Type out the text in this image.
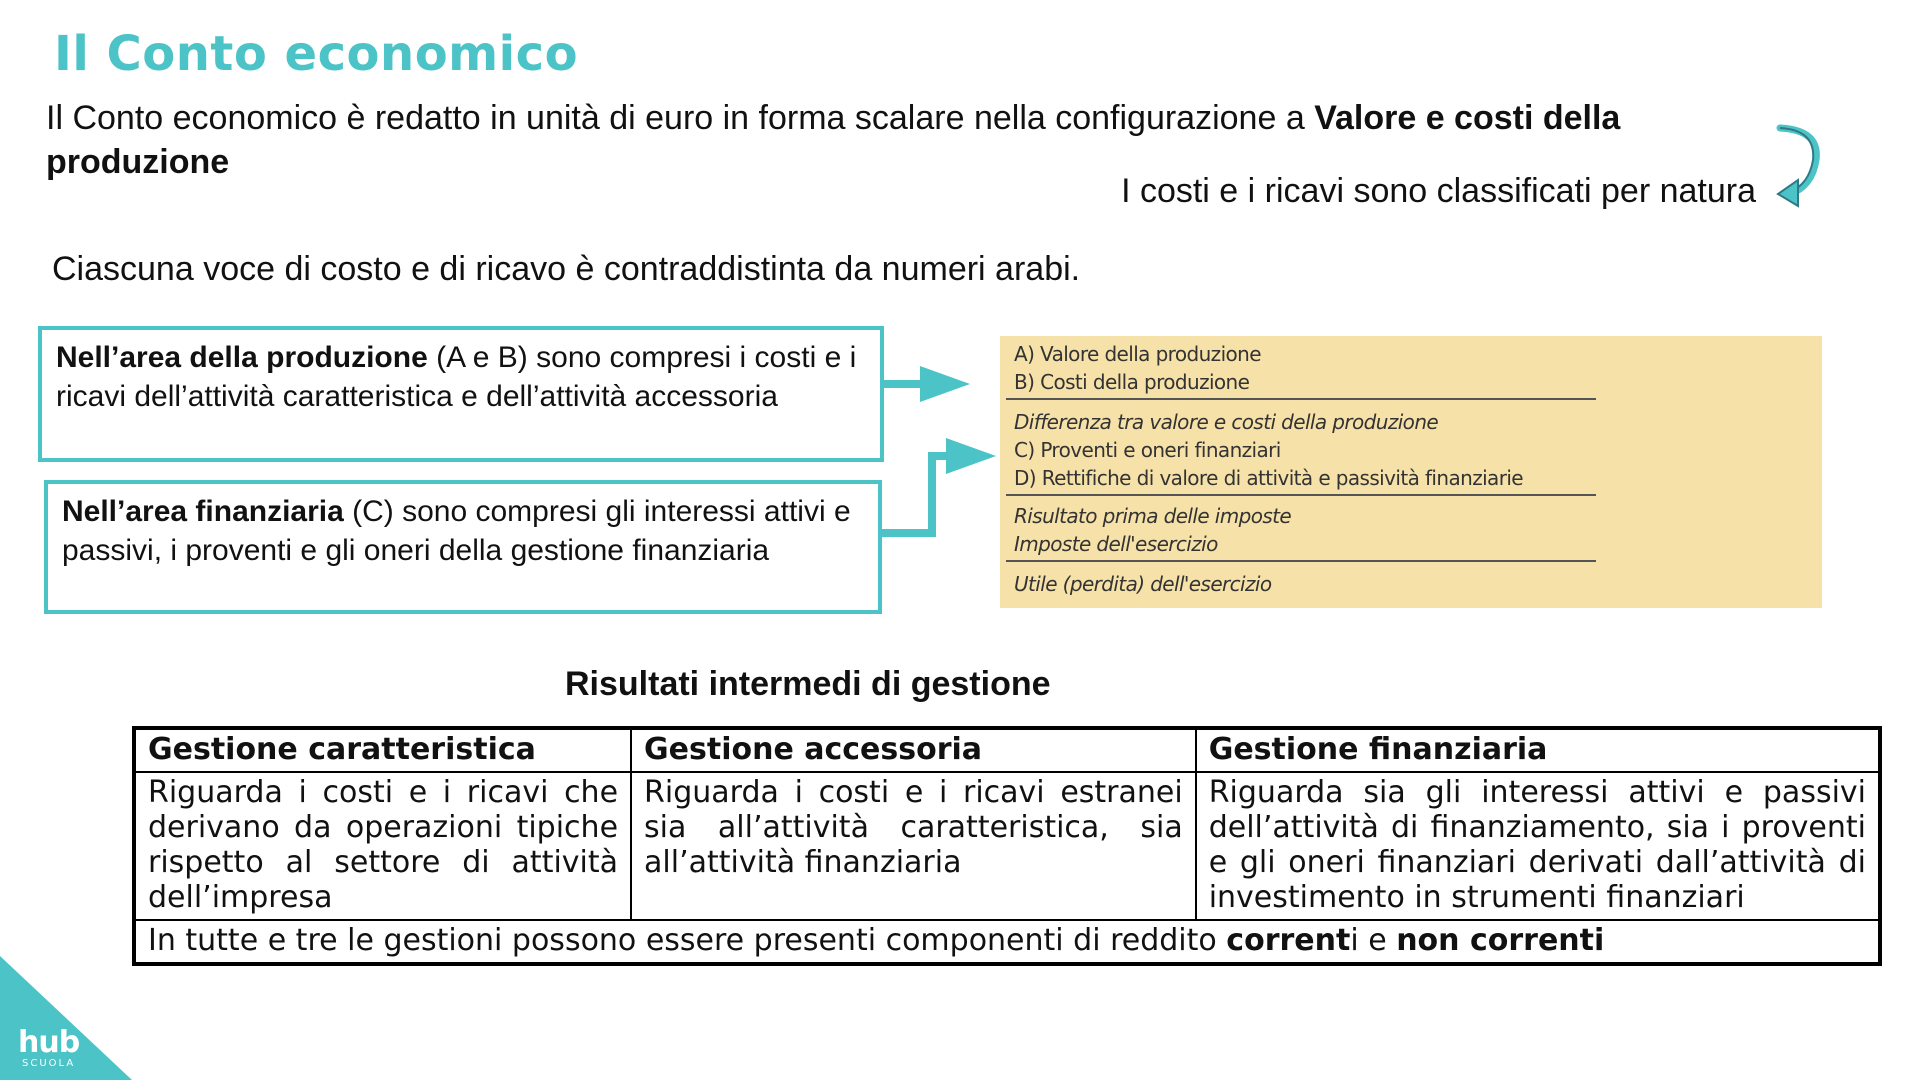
Il Conto economico
Il Conto economico è redatto in unità di euro in forma scalare nella configurazione a Valore e costi della produzione
I costi e i ricavi sono classificati per natura
Ciascuna voce di costo e di ricavo è contraddistinta da numeri arabi.
Nell’area della produzione (A e B) sono compresi i costi e i ricavi dell’attività caratteristica e dell’attività accessoria
Nell’area finanziaria (C) sono compresi gli interessi attivi e passivi, i proventi e gli oneri della gestione finanziaria
A) Valore della produzione
B) Costi della produzione
Differenza tra valore e costi della produzione
C) Proventi e oneri finanziari
D) Rettifiche di valore di attività e passività finanziarie
Risultato prima delle imposte
Imposte dell'esercizio
Utile (perdita) dell'esercizio
Risultati intermedi di gestione
Gestione caratteristica	Gestione accessoria	Gestione finanziaria
Riguarda i costi e i ricavi che derivano da operazioni tipiche rispetto al settore di attività dell’impresa	Riguarda i costi e i ricavi estranei sia all’attività caratteristica, sia all’attività finanziaria	Riguarda sia gli interessi attivi e passivi dell’attività di finanziamento, sia i proventi e gli oneri finanziari derivati dall’attività di investimento in strumenti finanziari
In tutte e tre le gestioni possono essere presenti componenti di reddito correnti e non correnti		
hub
SCUOLA
